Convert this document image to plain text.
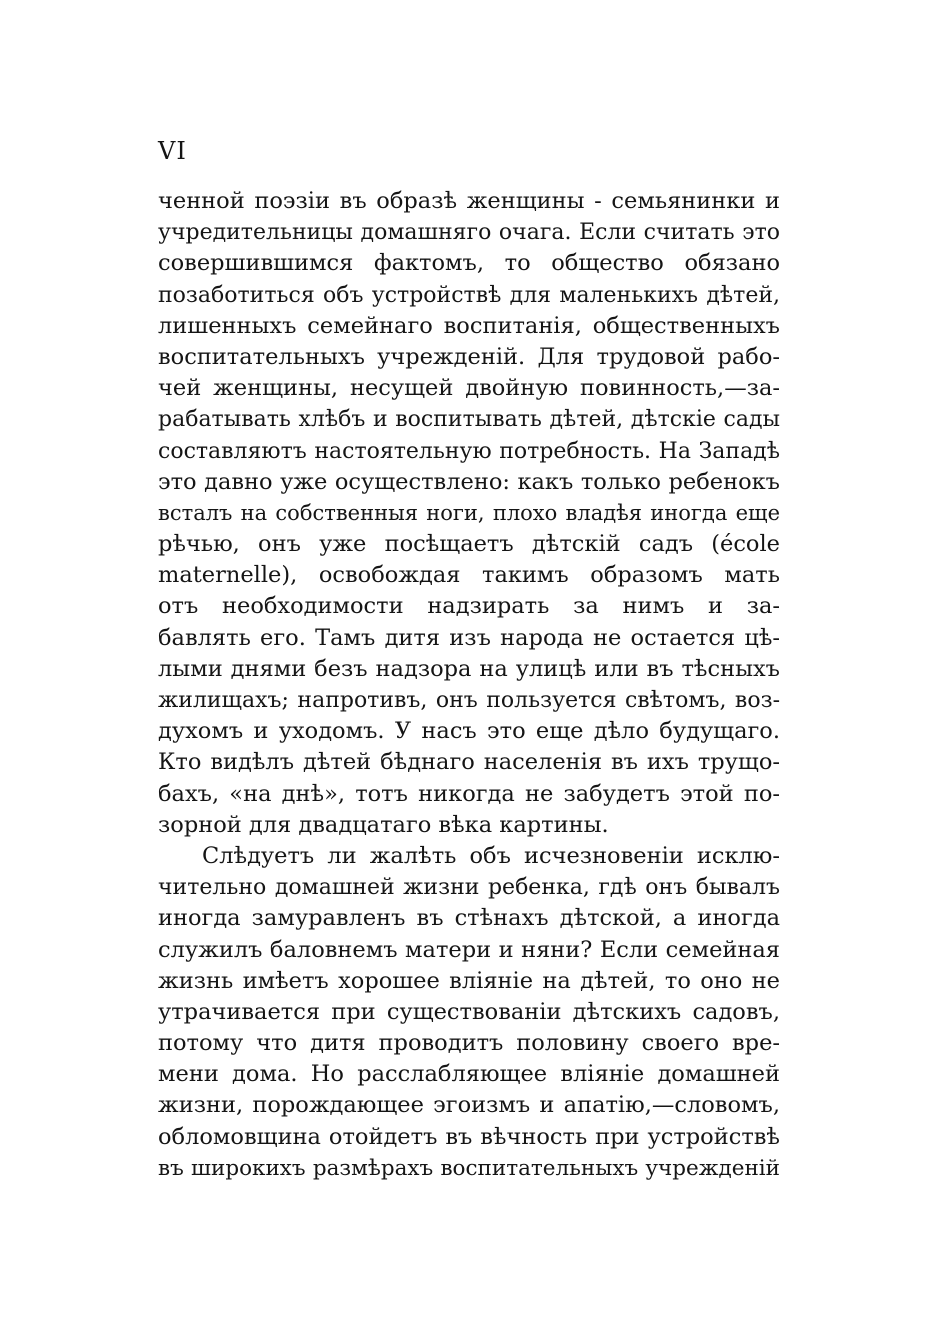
VI
ченной поэзіи въ образѣ женщины - семьянинки и
учредительницы домашняго очага. Если считать это
совершившимся фактомъ, то общество обязано
позаботиться объ устройствѣ для маленькихъ дѣтей,
лишенныхъ семейнаго воспитанія, общественныхъ
воспитательныхъ учрежденій. Для трудовой рабо-
чей женщины, несущей двойную повинность,—за-
рабатывать хлѣбъ и воспитывать дѣтей, дѣтскіе сады
составляютъ настоятельную потребность. На Западѣ
это давно уже осуществлено: какъ только ребенокъ
всталъ на собственныя ноги, плохо владѣя иногда еще
рѣчью, онъ уже посѣщаетъ дѣтскій садъ (école
maternelle), освобождая такимъ образомъ мать
отъ необходимости надзирать за нимъ и за-
бавлять его. Тамъ дитя изъ народа не остается цѣ-
лыми днями безъ надзора на улицѣ или въ тѣсныхъ
жилищахъ; напротивъ, онъ пользуется свѣтомъ, воз-
духомъ и уходомъ. У насъ это еще дѣло будущаго.
Кто видѣлъ дѣтей бѣднаго населенія въ ихъ трущо-
бахъ, «на днѣ», тотъ никогда не забудетъ этой по-
зорной для двадцатаго вѣка картины.
Слѣдуетъ ли жалѣть объ исчезновеніи исклю-
чительно домашней жизни ребенка, гдѣ онъ бывалъ
иногда замуравленъ въ стѣнахъ дѣтской, а иногда
служилъ баловнемъ матери и няни? Если семейная
жизнь имѣетъ хорошее вліяніе на дѣтей, то оно не
утрачивается при существованіи дѣтскихъ садовъ,
потому что дитя проводитъ половину своего вре-
мени дома. Но расслабляющее вліяніе домашней
жизни, порождающее эгоизмъ и апатію,—словомъ,
обломовщина отойдетъ въ вѣчность при устройствѣ
въ широкихъ размѣрахъ воспитательныхъ учрежденій
